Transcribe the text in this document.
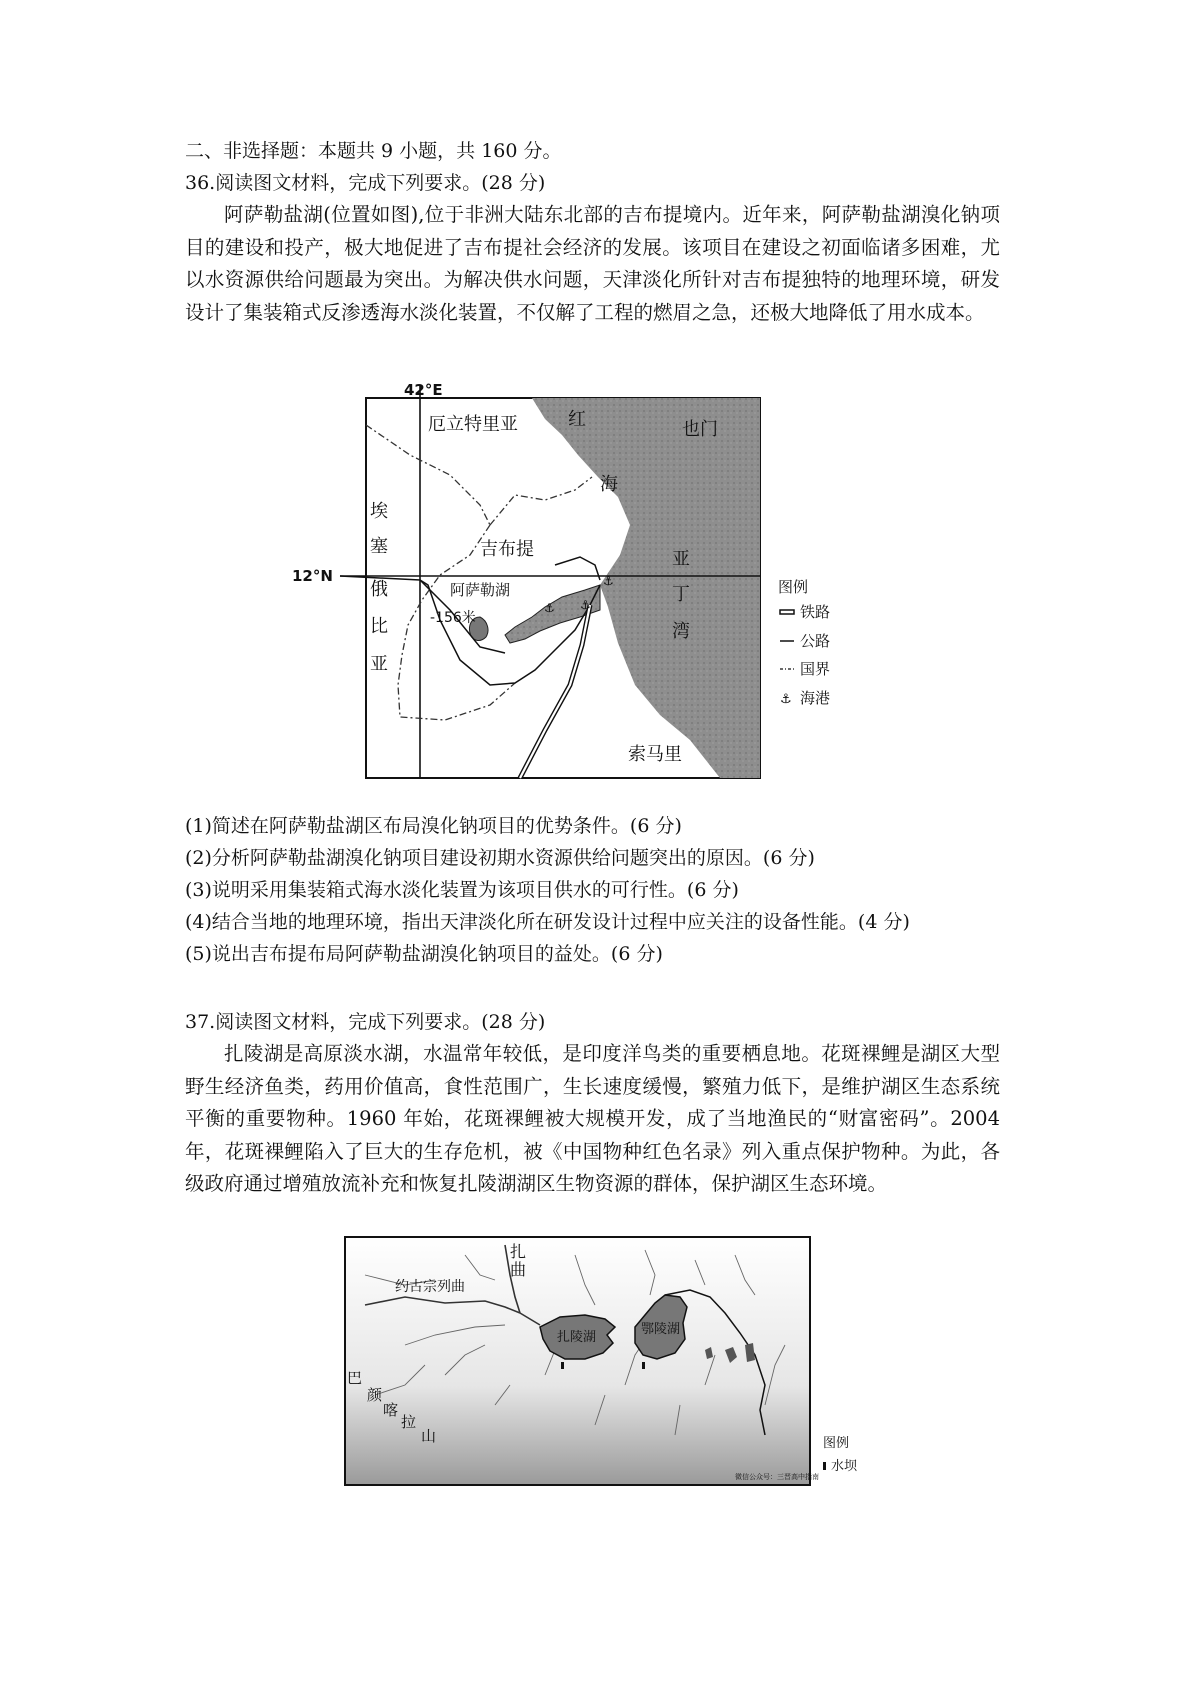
二、非选择题：本题共 9 小题，共 160 分。
36.阅读图文材料，完成下列要求。(28 分)
阿萨勒盐湖(位置如图),位于非洲大陆东北部的吉布提境内。近年来，阿萨勒盐湖溴化钠项目的建设和投产，极大地促进了吉布提社会经济的发展。该项目在建设之初面临诸多困难，尤以水资源供给问题最为突出。为解决供水问题，天津淡化所针对吉布提独特的地理环境，研发设计了集装箱式反渗透海水淡化装置，不仅解了工程的燃眉之急，还极大地降低了用水成本。
⚓
⚓ ⚓
42°E
12°N
厄立特里亚	红
海
也门
埃
塞
俄
比
亚
吉布提	亚
丁
湾
阿萨勒湖
-156米
索马里
图例
铁路
公路
国界
⚓ 海港
(1)简述在阿萨勒盐湖区布局溴化钠项目的优势条件。(6 分)
(2)分析阿萨勒盐湖溴化钠项目建设初期水资源供给问题突出的原因。(6 分)
(3)说明采用集装箱式海水淡化装置为该项目供水的可行性。(6 分)
(4)结合当地的地理环境，指出天津淡化所在研发设计过程中应关注的设备性能。(4 分)
(5)说出吉布提布局阿萨勒盐湖溴化钠项目的益处。(6 分)
37.阅读图文材料，完成下列要求。(28 分)
扎陵湖是高原淡水湖，水温常年较低，是印度洋鸟类的重要栖息地。花斑裸鲤是湖区大型野生经济鱼类，药用价值高，食性范围广，生长速度缓慢，繁殖力低下，是维护湖区生态系统平衡的重要物种。1960 年始，花斑裸鲤被大规模开发，成了当地渔民的“财富密码”。2004 年，花斑裸鲤陷入了巨大的生存危机，被《中国物种红色名录》列入重点保护物种。为此，各级政府通过增殖放流补充和恢复扎陵湖湖区生物资源的群体，保护湖区生态环境。
扎
曲
约古宗列曲
扎陵湖
鄂陵湖
巴
颜
喀
拉
山
微信公众号：三晋高中指南
图例
水坝
